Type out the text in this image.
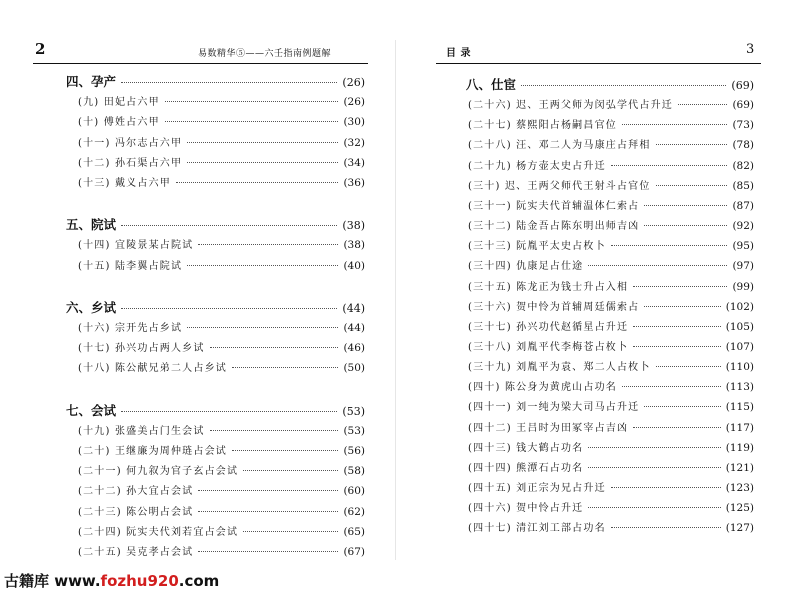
2	易数精华⑤——六壬指南例题解
四、孕产	(26)
(九) 田妃占六甲	(26)
(十) 傅姓占六甲	(30)
(十一) 冯尔志占六甲	(32)
(十二) 孙石渠占六甲	(34)
(十三) 戴义占六甲	(36)
五、院试	(38)
(十四) 宜陵景某占院试	(38)
(十五) 陆李翼占院试	(40)
六、乡试	(44)
(十六) 宗开先占乡试	(44)
(十七) 孙兴功占两人乡试	(46)
(十八) 陈公献兄弟二人占乡试	(50)
七、会试	(53)
(十九) 张盛美占门生会试	(53)
(二十) 王继廉为周仲琏占会试	(56)
(二十一) 何九叙为官子玄占会试	(58)
(二十二) 孙大宜占会试	(60)
(二十三) 陈公明占会试	(62)
(二十四) 阮实夫代刘若宜占会试	(65)
(二十五) 吴克孝占会试	(67)
目 录	3
八、仕宦	(69)
(二十六) 迟、王两父师为闵弘学代占升迁	(69)
(二十七) 蔡熙阳占杨嗣昌官位	(73)
(二十八) 汪、邓二人为马康庄占拜相	(78)
(二十九) 杨方壶太史占升迁	(82)
(三十) 迟、王两父师代王射斗占官位	(85)
(三十一) 阮实夫代首辅温体仁索占	(87)
(三十二) 陆金吾占陈东明出师吉凶	(92)
(三十三) 阮胤平太史占枚卜	(95)
(三十四) 仇康足占仕途	(97)
(三十五) 陈龙正为钱士升占入相	(99)
(三十六) 贺中怜为首辅周廷儒索占	(102)
(三十七) 孙兴功代赵循星占升迁	(105)
(三十八) 刘胤平代李梅苍占枚卜	(107)
(三十九) 刘胤平为袁、郑二人占枚卜	(110)
(四十) 陈公身为黄虎山占功名	(113)
(四十一) 刘一纯为梁大司马占升迁	(115)
(四十二) 王吕时为田冢宰占吉凶	(117)
(四十三) 钱大鹤占功名	(119)
(四十四) 熊潭石占功名	(121)
(四十五) 刘正宗为兄占升迁	(123)
(四十六) 贺中怜占升迁	(125)
(四十七) 清江刘工部占功名	(127)
古籍库 www.fozhu920.com
